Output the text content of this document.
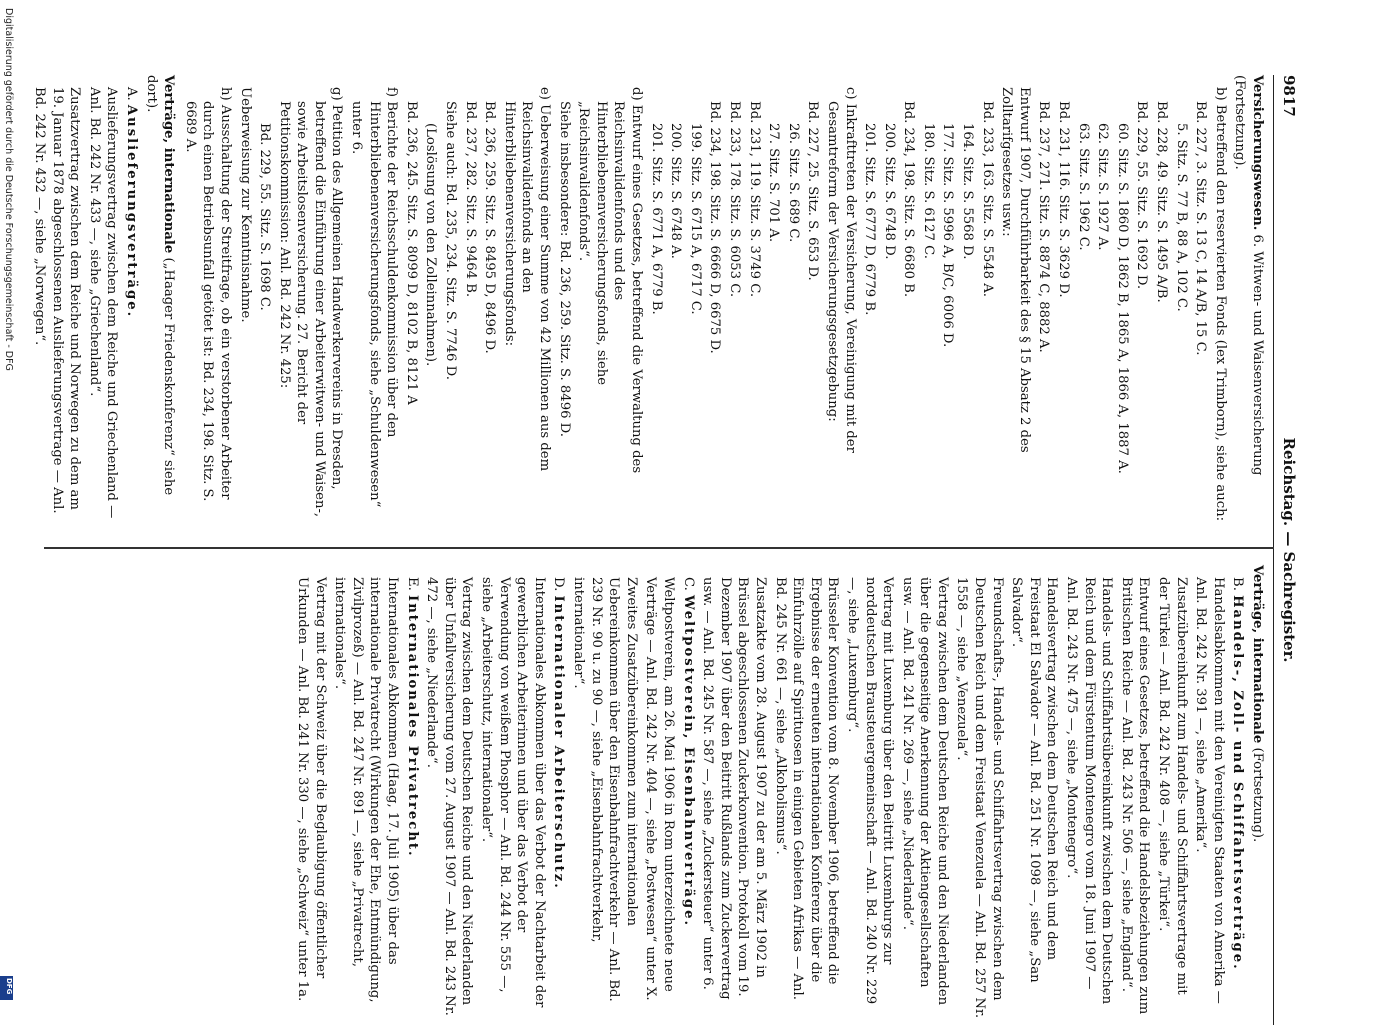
9817
Reichstag. — Sachregister.

Versicherungswesen. 6. Witwen- und Waisenversicherung (Fortsetzung).

b) Betreffend den reservierten Fonds (lex Trimborn), siehe auch:

Bd. 227, 3. Sitz. S. 13 C, 14 A/B, 15 C.

5. Sitz. S. 77 B, 88 A, 102 C.

Bd. 228, 49. Sitz. S. 1495 A/B.

Bd. 229, 55. Sitz. S. 1692 D.

60. Sitz. S. 1860 D, 1862 B, 1865 A, 1866 A, 1887 A.

62. Sitz. S. 1927 A.

63. Sitz. S. 1962 C.

Bd. 231, 116. Sitz. S. 3629 D.

Bd. 237, 271. Sitz. S. 8874 C, 8882 A.

Entwurf 1907, Durchführbarkeit des § 15 Absatz 2 des Zolltarifgesetzes usw.:

Bd. 233, 163. Sitz. S. 5548 A.

164. Sitz. S. 5568 D.

177. Sitz. S. 5996 A, B/C, 6006 D.

180. Sitz. S. 6127 C.

Bd. 234, 198. Sitz. S. 6680 B.

200. Sitz. S. 6748 D.

201. Sitz. S. 6777 D, 6779 B.

c) Inkrafttreten der Versicherung, Vereinigung mit der Gesamtreform der Versicherungsgesetzgebung:

Bd. 227, 25. Sitz. S. 653 D.

26. Sitz. S. 689 C.

27. Sitz. S. 701 A.

Bd. 231, 119. Sitz. S. 3749 C.

Bd. 233, 178. Sitz. S. 6053 C.

Bd. 234, 198. Sitz. S. 6666 D, 6675 D.

199. Sitz. S. 6715 A, 6717 C.

200. Sitz. S. 6748 A.

201. Sitz. S. 6771 A, 6779 B.

d) Entwurf eines Gesetzes, betreffend die Verwaltung des Reichsinvalidenfonds und des Hinterbliebenenversicherungsfonds, siehe „Reichsinvalidenfonds“.

Siehe insbesondere: Bd. 236, 259. Sitz. S. 8496 D.

e) Ueberweisung einer Summe von 42 Millionen aus dem Reichsinvalidenfonds an den Hinterbliebenenversicherungsfonds:

Bd. 236, 259. Sitz. S. 8495 D, 8496 D.

Bd. 237, 282. Sitz. S. 9464 B.

Siehe auch: Bd. 235, 234. Sitz. S. 7746 D.

(Loslösung von den Zolleinnahmen).

Bd. 236, 245. Sitz. S. 8099 D, 8102 B, 8121 A

f) Berichte der Reichsschuldenkommission über den Hinterbliebenenversicherungsfonds, siehe „Schuldenwesen“ unter 6.

g) Petition des Allgemeinen Handwerkervereins in Dresden, betreffend die Einführung einer Arbeiterwitwen- und Waisen-, sowie Arbeitslosenversicherung. 27. Bericht der Petitionskommission: Anl. Bd. 242 Nr. 425:

Bd. 229, 55. Sitz. S. 1698 C.

Ueberweisung zur Kenntnisnahme.

h) Ausschaltung der Streitfrage, ob ein verstorbener Arbeiter durch einen Betriebsunfall getötet ist: Bd. 234, 198. Sitz. S. 6689 A.

Verträge, internationale („Haager Friedenskonferenz“ siehe dort).

A. Auslieferungsverträge.

Auslieferungsvertrag zwischen dem Reiche und Griechenland — Anl. Bd. 242 Nr. 433 —, siehe „Griechenland“.

Zusatzvertrag zwischen dem Reiche und Norwegen zu dem am 19. Januar 1878 abgeschlossenen Auslieferungsvertrage — Anl. Bd. 242 Nr. 432 —, siehe „Norwegen“.

Verträge, internationale (Fortsetzung).

B. Handels-, Zoll- und Schiffahrtsverträge.

Handelsabkommen mit den Vereinigten Staaten von Amerika — Anl. Bd. 242 Nr. 391 —, siehe „Amerika“.

Zusatzübereinkunft zum Handels- und Schiffahrtsvertrage mit der Türkei — Anl. Bd. 242 Nr. 408 —, siehe „Türkei“.

Entwurf eines Gesetzes, betreffend die Handelsbeziehungen zum Britischen Reiche — Anl. Bd. 243 Nr. 506 —, siehe „England“.

Handels- und Schiffahrtsübereinkunft zwischen dem Deutschen Reich und dem Fürstentum Montenegro vom 18. Juni 1907 — Anl. Bd. 243 Nr. 475 —, siehe „Montenegro“.

Handelsvertrag zwischen dem Deutschen Reich und dem Freistaat El Salvador — Anl. Bd. 251 Nr. 1098 —, siehe „San Salvador“.

Freundschafts-, Handels- und Schiffahrtsvertrag zwischen dem Deutschen Reich und dem Freistaat Venezuela — Anl. Bd. 257 Nr. 1558 —, siehe „Venezuela“.

Vertrag zwischen dem Deutschen Reiche und den Niederlanden über die gegenseitige Anerkennung der Aktiengesellschaften usw. — Anl. Bd. 241 Nr. 269 —, siehe „Niederlande“.

Vertrag mit Luxemburg über den Beitritt Luxemburgs zur norddeutschen Brausteuergemeinschaft — Anl. Bd. 240 Nr. 229 —, siehe „Luxemburg“.

Brüsseler Konvention vom 8. November 1906, betreffend die Ergebnisse der erneuten internationalen Konferenz über die Einfuhrzölle auf Spirituosen in einigen Gebieten Afrikas — Anl. Bd. 245 Nr. 661 —, siehe „Alkoholismus“.

Zusatzakte vom 28. August 1907 zu der am 5. März 1902 in Brüssel abgeschlossenen Zuckerkonvention. Protokoll vom 19. Dezember 1907 über den Beitritt Rußlands zum Zuckervertrag usw. — Anl. Bd. 245 Nr. 587 —, siehe „Zuckersteuer“ unter 6.

C. Weltpostverein, Eisenbahnverträge.

Weltpostverein, am 26. Mai 1906 in Rom unterzeichnete neue Verträge — Anl. Bd. 242 Nr. 404 —, siehe „Postwesen“ unter X.

Zweites Zusatzübereinkommen zum internationalen Uebereinkommen über den Eisenbahnfrachtverkehr — Anl. Bd. 239 Nr. 90 u. zu 90 —, siehe „Eisenbahnfrachtverkehr, internationaler“.

D. Internationaler Arbeiterschutz.

Internationales Abkommen über das Verbot der Nachtarbeit der gewerblichen Arbeiterinnen und über das Verbot der Verwendung von weißem Phosphor — Anl. Bd. 244 Nr. 555 —, siehe „Arbeiterschutz, internationaler“.

Vertrag zwischen dem Deutschen Reiche und den Niederlanden über Unfallversicherung vom 27. August 1907 — Anl. Bd. 243 Nr. 472 —, siehe „Niederlande“.

E. Internationales Privatrecht.

Internationales Abkommen (Haag, 17. Juli 1905) über das internationale Privatrecht (Wirkungen der Ehe, Entmündigung, Zivilprozeß) — Anl. Bd. 247 Nr. 891 —, siehe „Privatrecht, internationales“.

Vertrag mit der Schweiz über die Beglaubigung öffentlicher Urkunden — Anl. Bd. 241 Nr. 330 —, siehe „Schweiz“ unter 1a.

Digitalisierung gefördert durch die Deutsche Forschungsgemeinschaft - DFG
DFG
